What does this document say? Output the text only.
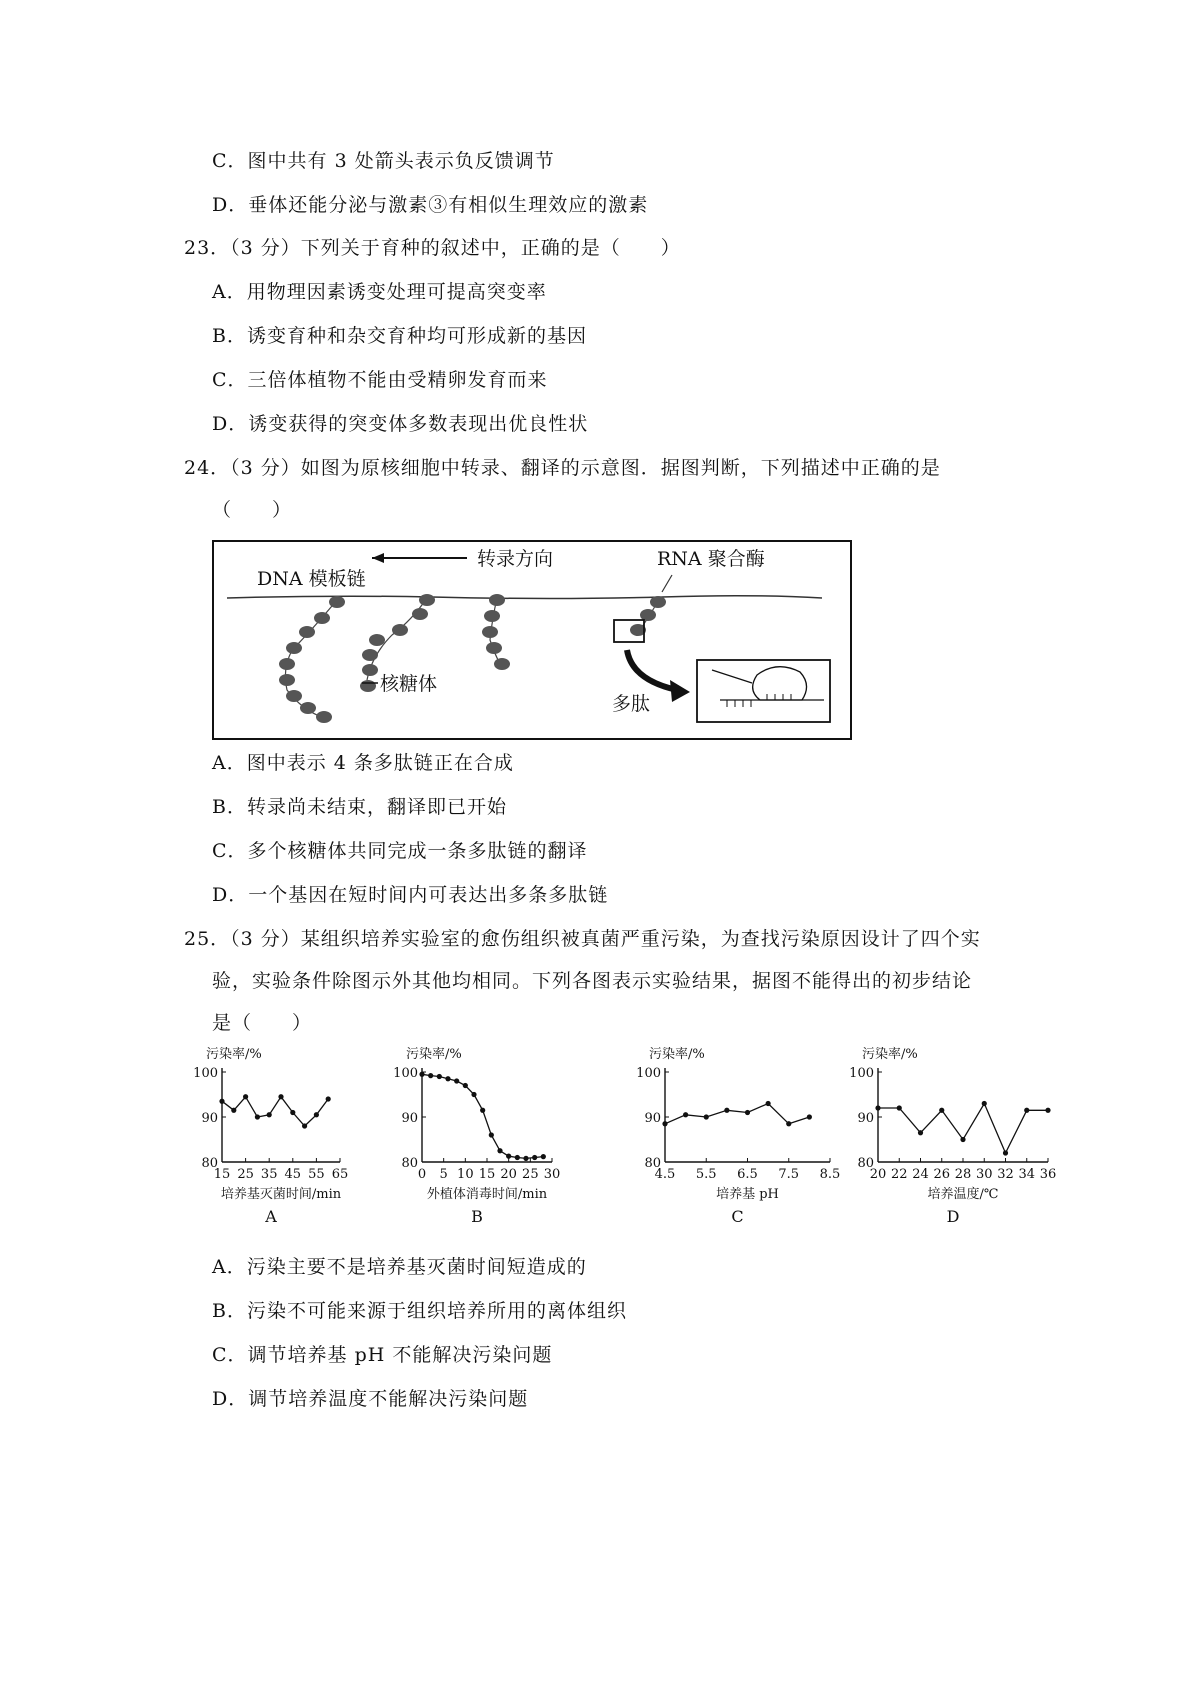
C．图中共有 3 处箭头表示负反馈调节
D．垂体还能分泌与激素③有相似生理效应的激素
23．（3 分）下列关于育种的叙述中，正确的是（　　）
A．用物理因素诱变处理可提高突变率
B．诱变育种和杂交育种均可形成新的基因
C．三倍体植物不能由受精卵发育而来
D．诱变获得的突变体多数表现出优良性状
24．（3 分）如图为原核细胞中转录、翻译的示意图．据图判断，下列描述中正确的是
（　　）
转录方向	RNA 聚合酶
DNA 模板链
核糖体
多肽
A．图中表示 4 条多肽链正在合成
B．转录尚未结束，翻译即已开始
C．多个核糖体共同完成一条多肽链的翻译
D．一个基因在短时间内可表达出多条多肽链
25．（3 分）某组织培养实验室的愈伤组织被真菌严重污染，为查找污染原因设计了四个实
验，实验条件除图示外其他均相同。下列各图表示实验结果，据图不能得出的初步结论
是（　　）
污染率/%
80
90
100
15 25 35 45 55 65
培养基灭菌时间/min
A
污染率/%
80
90
100
0 5 10 15 20 25 30
外植体消毒时间/min
B
污染率/%
80
90
100
4.5 5.5 6.5 7.5 8.5
培养基 pH
C
污染率/%
80
90
100
20 22 24 26 28 30 32 34 36
培养温度/℃
D
A．污染主要不是培养基灭菌时间短造成的
B．污染不可能来源于组织培养所用的离体组织
C．调节培养基 pH 不能解决污染问题
D．调节培养温度不能解决污染问题
